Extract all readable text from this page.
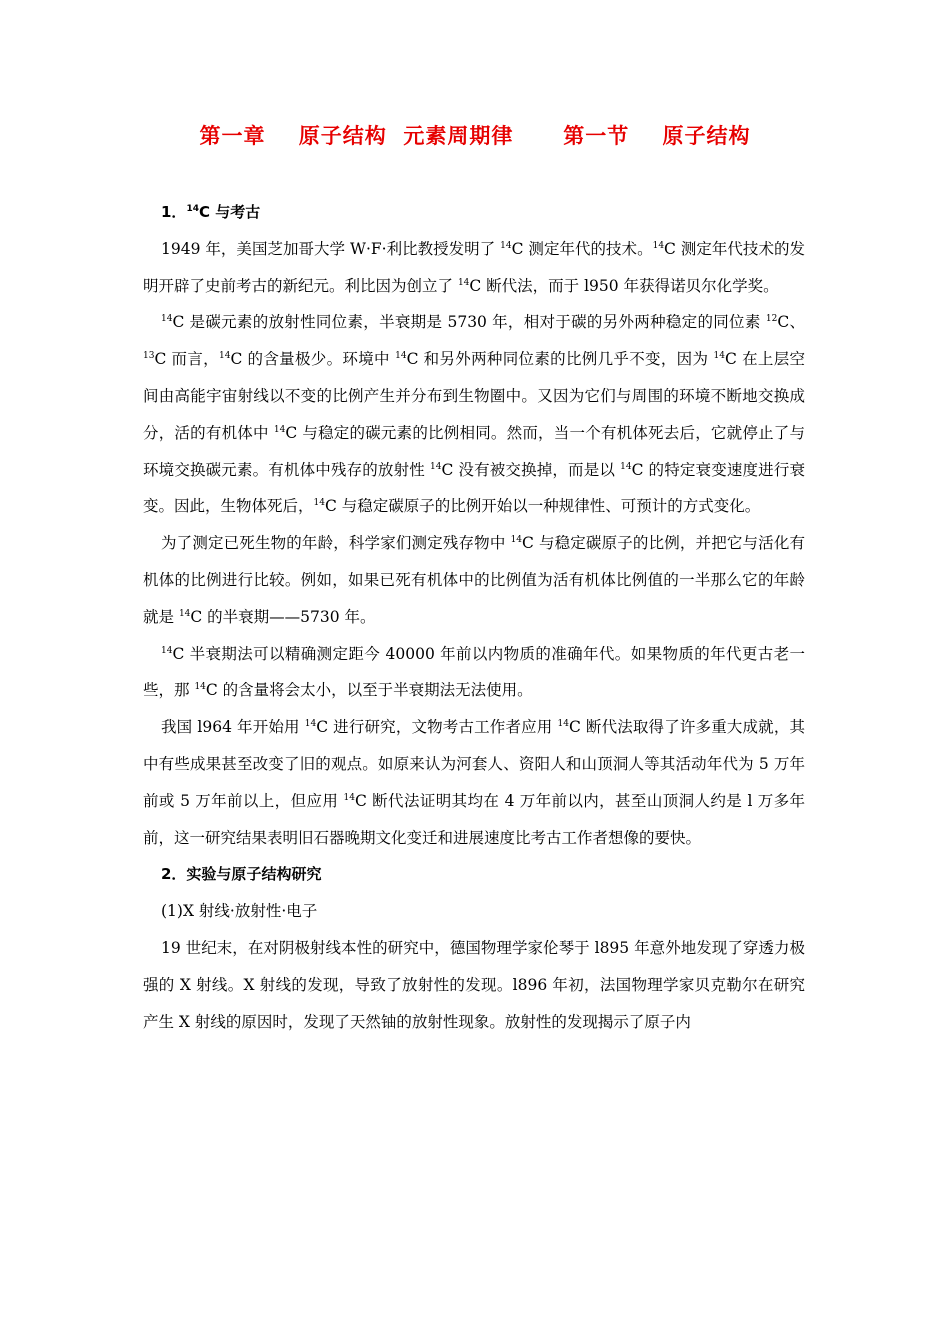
第一章    原子结构  元素周期律      第一节    原子结构

1．$^{14}$C 与考古

1949 年，美国芝加哥大学 W·F·利比教授发明了 $^{14}$C 测定年代的技术。$^{14}$C 测定年代技术的发明开辟了史前考古的新纪元。利比因为创立了 $^{14}$C 断代法，而于 l950 年获得诺贝尔化学奖。

$^{14}$C 是碳元素的放射性同位素，半衰期是 5730 年，相对于碳的另外两种稳定的同位素 $^{12}$C、$^{13}$C 而言，$^{14}$C 的含量极少。环境中 $^{14}$C 和另外两种同位素的比例几乎不变，因为 $^{14}$C 在上层空间由高能宇宙射线以不变的比例产生并分布到生物圈中。又因为它们与周围的环境不断地交换成分，活的有机体中 $^{14}$C 与稳定的碳元素的比例相同。然而，当一个有机体死去后，它就停止了与环境交换碳元素。有机体中残存的放射性 $^{14}$C 没有被交换掉，而是以 $^{14}$C 的特定衰变速度进行衰变。因此，生物体死后，$^{14}$C 与稳定碳原子的比例开始以一种规律性、可预计的方式变化。

为了测定已死生物的年龄，科学家们测定残存物中 $^{14}$C 与稳定碳原子的比例，并把它与活化有机体的比例进行比较。例如，如果已死有机体中的比例值为活有机体比例值的一半那么它的年龄就是 $^{14}$C 的半衰期——5730 年。

$^{14}$C 半衰期法可以精确测定距今 40000 年前以内物质的准确年代。如果物质的年代更古老一些，那 $^{14}$C 的含量将会太小，以至于半衰期法无法使用。

我国 l964 年开始用 $^{14}$C 进行研究，文物考古工作者应用 $^{14}$C 断代法取得了许多重大成就，其中有些成果甚至改变了旧的观点。如原来认为河套人、资阳人和山顶洞人等其活动年代为 5 万年前或 5 万年前以上，但应用 $^{14}$C 断代法证明其均在 4 万年前以内，甚至山顶洞人约是 l 万多年前，这一研究结果表明旧石器晚期文化变迁和进展速度比考古工作者想像的要快。

2．实验与原子结构研究

(1)X 射线·放射性·电子

19 世纪末，在对阴极射线本性的研究中，德国物理学家伦琴于 l895 年意外地发现了穿透力极强的 X 射线。X 射线的发现，导致了放射性的发现。l896 年初，法国物理学家贝克勒尔在研究产生 X 射线的原因时，发现了天然铀的放射性现象。放射性的发现揭示了原子内
